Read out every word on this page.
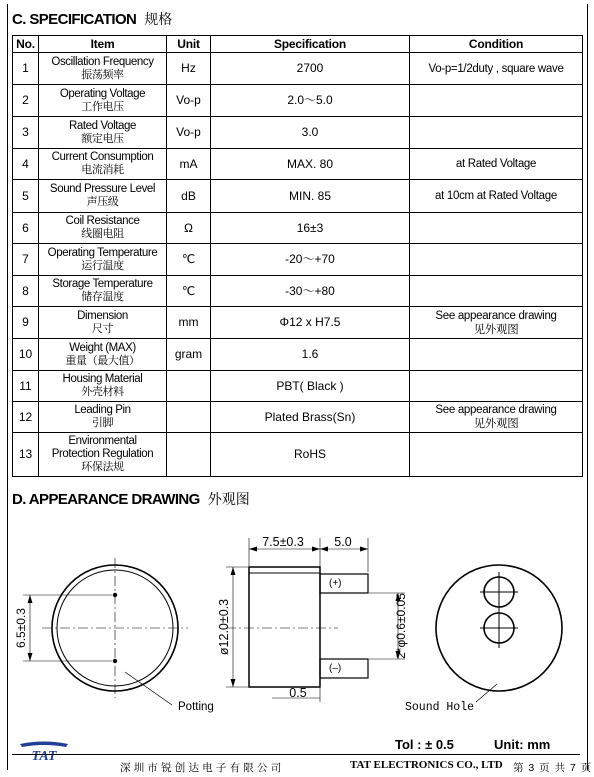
C. SPECIFICATION 规格
No.	Item	Unit	Specification	Condition
1	Oscillation Frequency
振荡频率	Hz	2700	Vo-p=1/2duty , square wave

2	Operating Voltage
工作电压	Vo-p	2.0～5.0	

3	Rated Voltage
额定电压	Vo-p	3.0	

4	Current Consumption
电流消耗	mA	MAX. 80	at Rated Voltage

5	Sound Pressure Level
声压级	dB	MIN. 85	at 10cm at Rated Voltage

6	Coil Resistance
线圈电阻	Ω	16±3	

7	Operating Temperature
运行温度	℃	-20～+70	

8	Storage Temperature
储存温度	℃	-30～+80	

9	Dimension
尺寸	mm	Φ12 x H7.5	See appearance drawing
见外观图

10	Weight (MAX)
重量（最大值）	gram	1.6	

11	Housing Material
外壳材料		PBT( Black )	

12	Leading Pin
引脚		Plated Brass(Sn)	See appearance drawing
见外观图

13	Environmental
Protection Regulation
环保法规		RoHS	
D. APPEARANCE DRAWING 外观图
6.5±0.3
Potting
(+)
(–)
7.5±0.3 5.0
ø12.0±0.3	2*φ0.6±0.05
0.5
Sound Hole
Tol : ± 0.5	Unit: mm
TAT
深圳市锐创达电子有限公司	TAT ELECTRONICS CO., LTD 第 3 页 共 7 页
